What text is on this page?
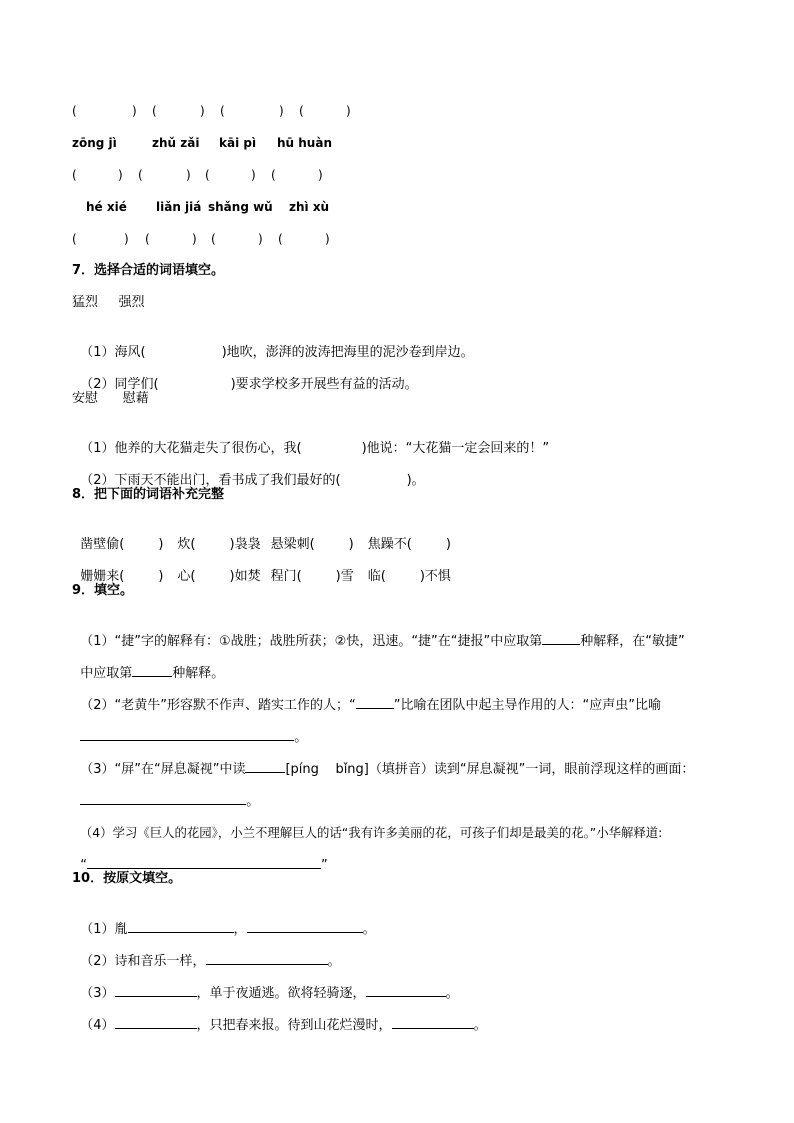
(	) (	) (	) (	)
zōng jì	zhǔ zǎi kāi pì hū huàn
(	) (	) (	) (	)
hé xié liǎn jiá shǎng wǔ zhì xù
(	) (	) (	) (	)
7．选择合适的词语填空。
猛烈     强烈

（1）海风(	)地吹，澎湃的波涛把海里的泥沙卷到岸边。

（2）同学们(	)要求学校多开展些有益的活动。

安慰      慰藉

（1）他养的大花猫走失了很伤心，我(	)他说：“大花猫一定会回来的！”

（2）下雨天不能出门，看书成了我们最好的(	)。

8．把下面的词语补充完整

凿壁偷(	) 炊(	)袅袅 悬梁刺(	) 焦躁不(	)

姗姗来(	) 心(	)如焚 程门(	)雪 临(	)不惧

9．填空。

（1）“捷”字的解释有：①战胜；战胜所获；②快，迅速。“捷”在“捷报”中应取第	种解释，在“敏捷”

中应取第	种解释。

（2）“老黄牛”形容默不作声、踏实工作的人；“	”比喻在团队中起主导作用的人：“应声虫”比喻

。

（3）“屏”在“屏息凝视”中读	[píng    bǐng]（填拼音）读到“屏息凝视”一词，眼前浮现这样的画面：

。

（4）学习《巨人的花园》，小兰不理解巨人的话“我有许多美丽的花，可孩子们却是最美的花。”小华解释道:

“	”

10．按原文填空。

（1）胤	，	。

（2）诗和音乐一样，	。

（3）	，单于夜遁逃。欲将轻骑逐，	。

（4）	，只把春来报。待到山花烂漫时，	。
